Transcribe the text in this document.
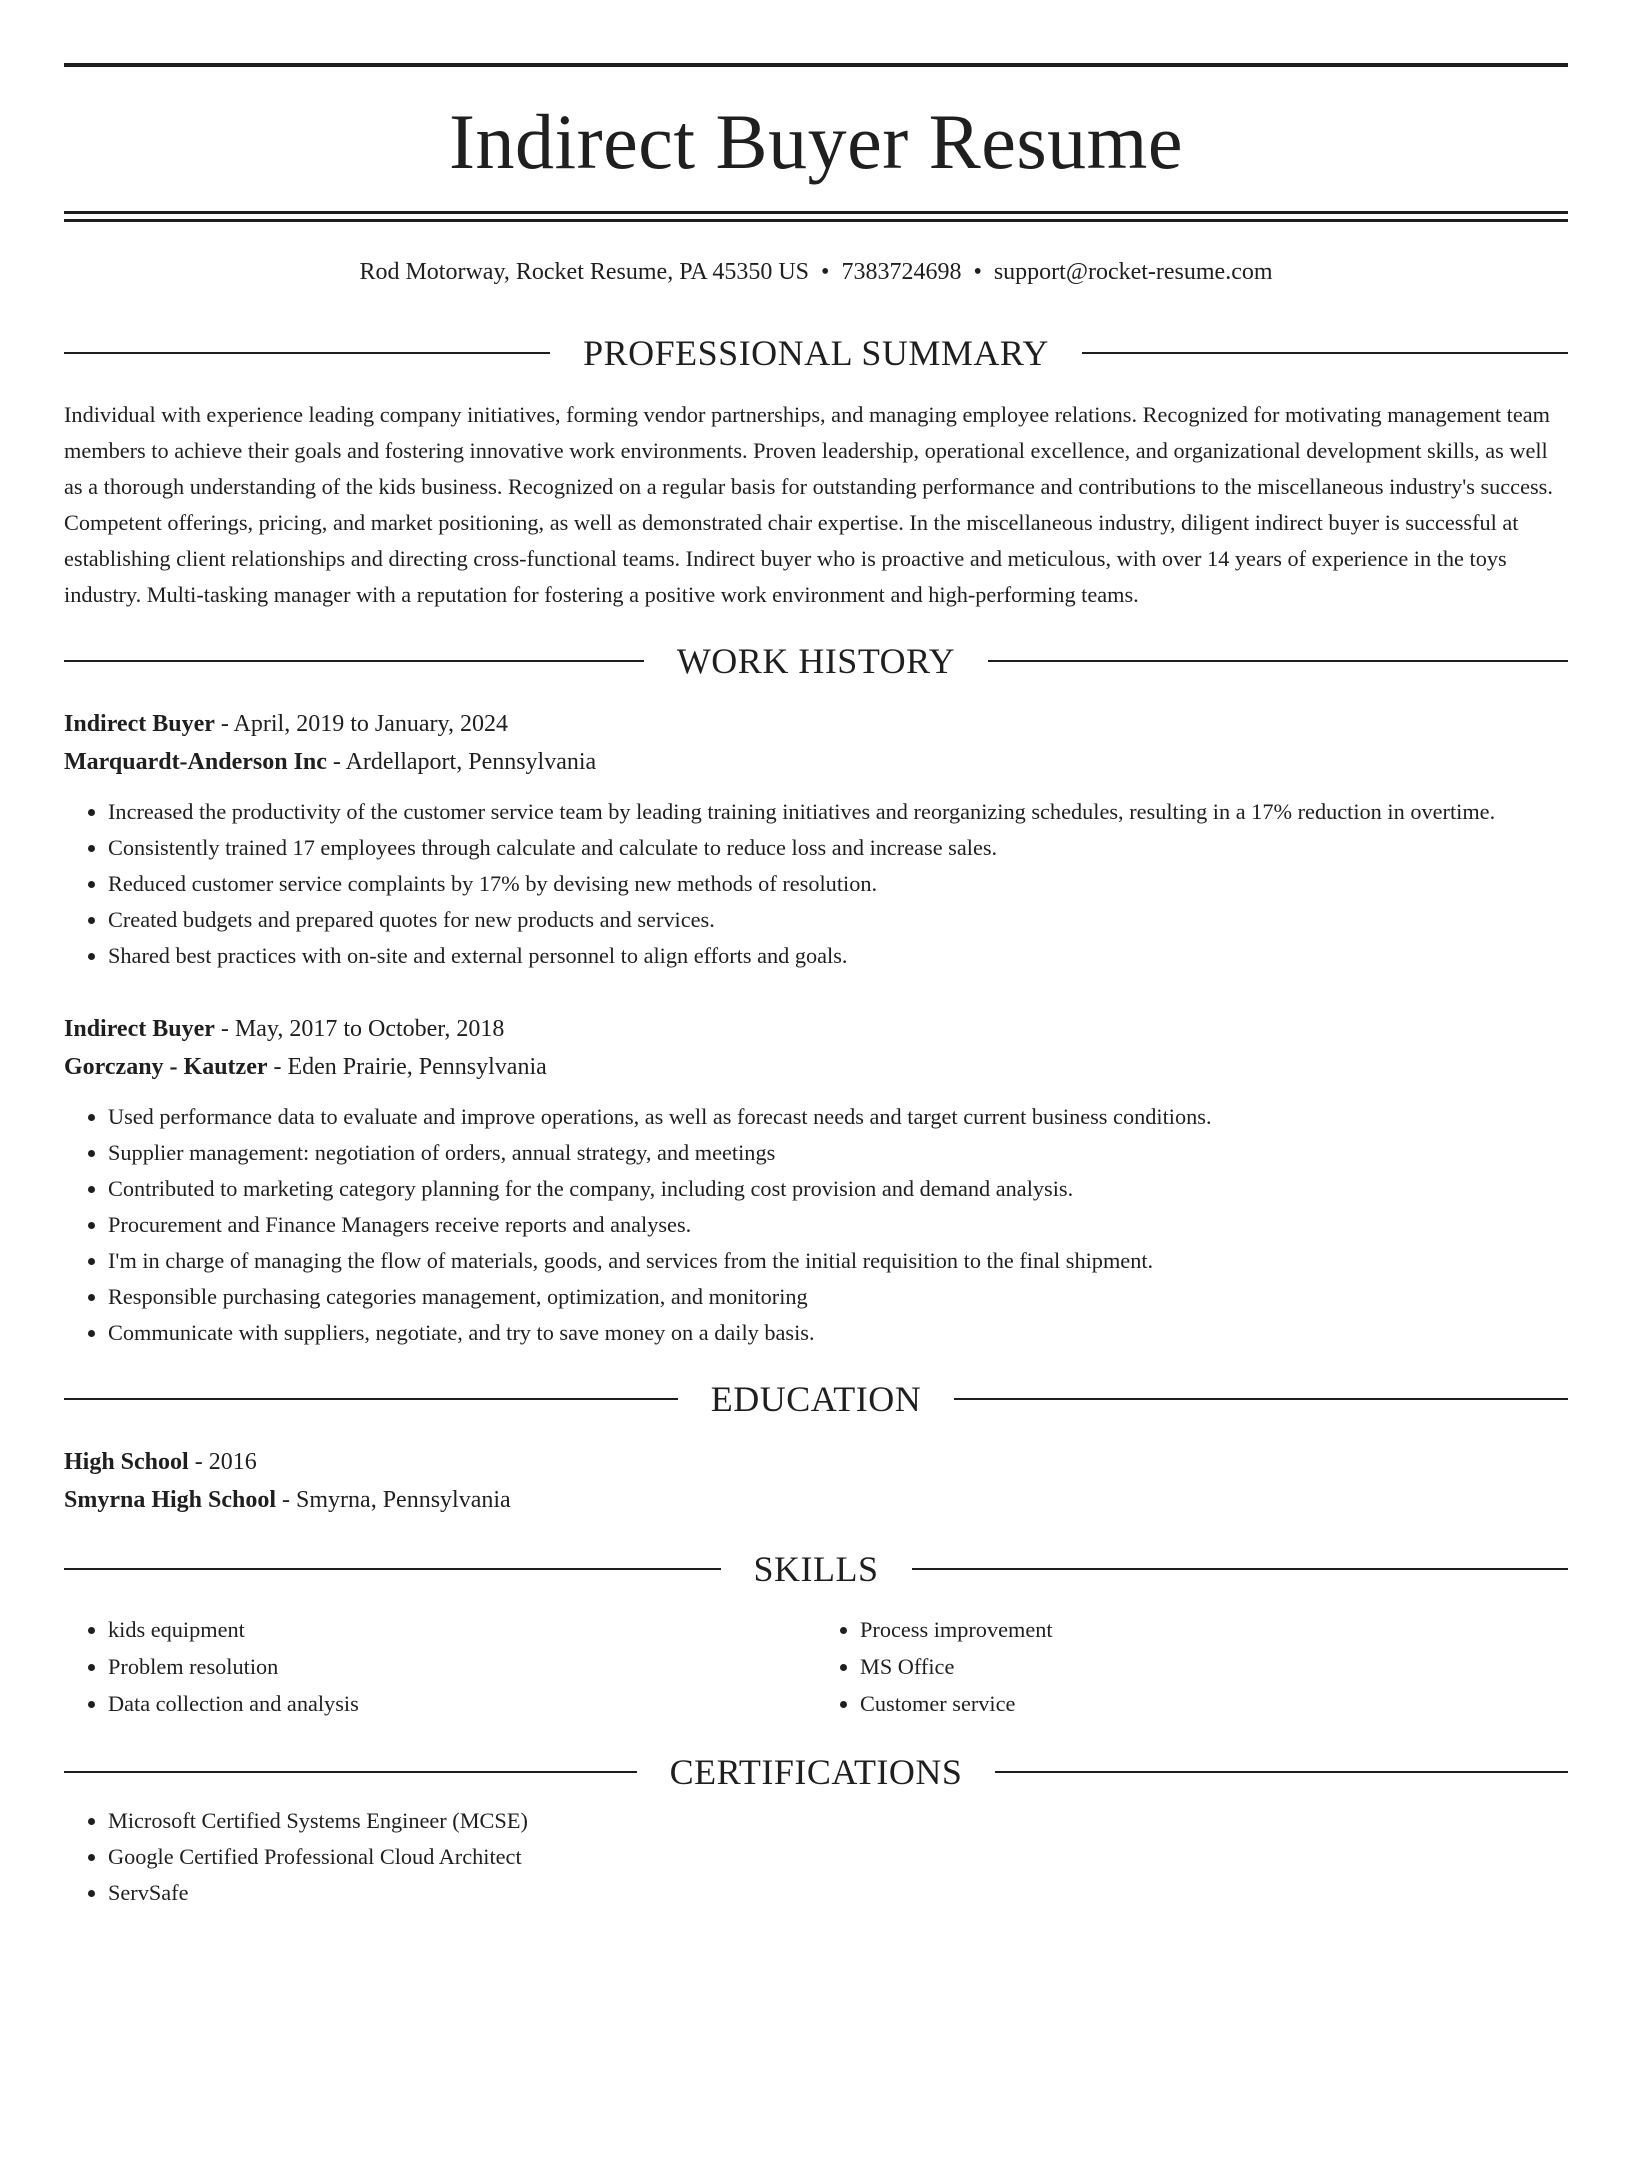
Indirect Buyer Resume
Rod Motorway, Rocket Resume, PA 45350 US • 7383724698 • support@rocket-resume.com
PROFESSIONAL SUMMARY

Individual with experience leading company initiatives, forming vendor partnerships, and managing employee relations. Recognized for motivating management team members to achieve their goals and fostering innovative work environments. Proven leadership, operational excellence, and organizational development skills, as well as a thorough understanding of the kids business. Recognized on a regular basis for outstanding performance and contributions to the miscellaneous industry's success. Competent offerings, pricing, and market positioning, as well as demonstrated chair expertise. In the miscellaneous industry, diligent indirect buyer is successful at establishing client relationships and directing cross-functional teams. Indirect buyer who is proactive and meticulous, with over 14 years of experience in the toys industry. Multi-tasking manager with a reputation for fostering a positive work environment and high-performing teams.

WORK HISTORY
Indirect Buyer - April, 2019 to January, 2024
Marquardt-Anderson Inc - Ardellaport, Pennsylvania
• Increased the productivity of the customer service team by leading training initiatives and reorganizing schedules, resulting in a 17% reduction in overtime.
• Consistently trained 17 employees through calculate and calculate to reduce loss and increase sales.
• Reduced customer service complaints by 17% by devising new methods of resolution.
• Created budgets and prepared quotes for new products and services.
• Shared best practices with on-site and external personnel to align efforts and goals.
Indirect Buyer - May, 2017 to October, 2018
Gorczany - Kautzer - Eden Prairie, Pennsylvania
• Used performance data to evaluate and improve operations, as well as forecast needs and target current business conditions.
• Supplier management: negotiation of orders, annual strategy, and meetings
• Contributed to marketing category planning for the company, including cost provision and demand analysis.
• Procurement and Finance Managers receive reports and analyses.
• I'm in charge of managing the flow of materials, goods, and services from the initial requisition to the final shipment.
• Responsible purchasing categories management, optimization, and monitoring
• Communicate with suppliers, negotiate, and try to save money on a daily basis.
EDUCATION
High School - 2016
Smyrna High School - Smyrna, Pennsylvania
SKILLS
• kids equipment
• Problem resolution
• Data collection and analysis
• Process improvement
• MS Office
• Customer service
CERTIFICATIONS
• Microsoft Certified Systems Engineer (MCSE)
• Google Certified Professional Cloud Architect
• ServSafe
